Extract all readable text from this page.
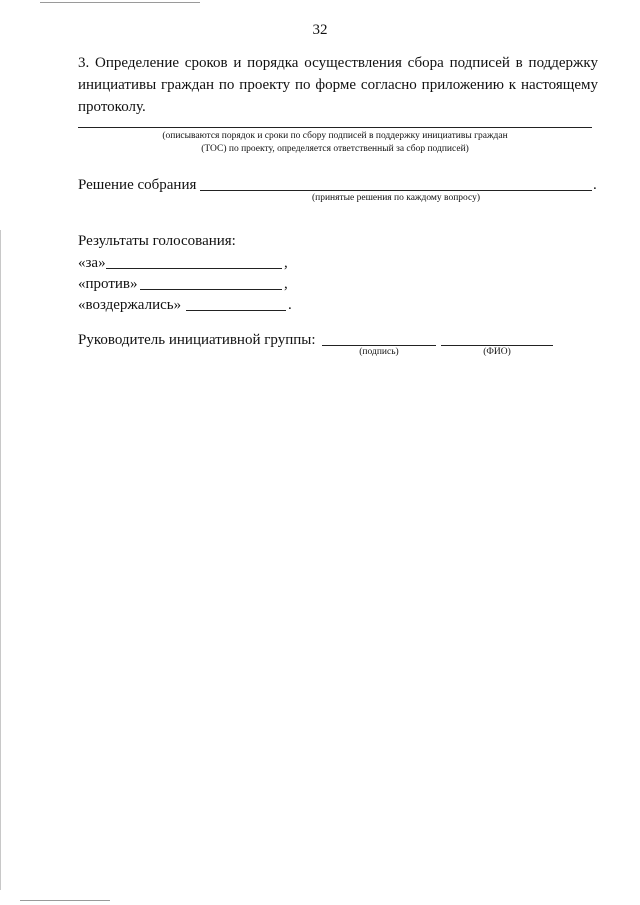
32
3. Определение сроков и порядка осуществления сбора подписей в поддержку
инициативы граждан по проекту по форме согласно приложению к настоящему
протоколу.
(описываются порядок и сроки по сбору подписей в поддержку инициативы граждан
(ТОС) по проекту, определяется ответственный за сбор подписей)
Решение собрания	.
(принятые решения по каждому вопросу)
Результаты голосования:
«за»	,
«против»	,
«воздержались»	.
Руководитель инициативной группы:
(подпись)	(ФИО)
